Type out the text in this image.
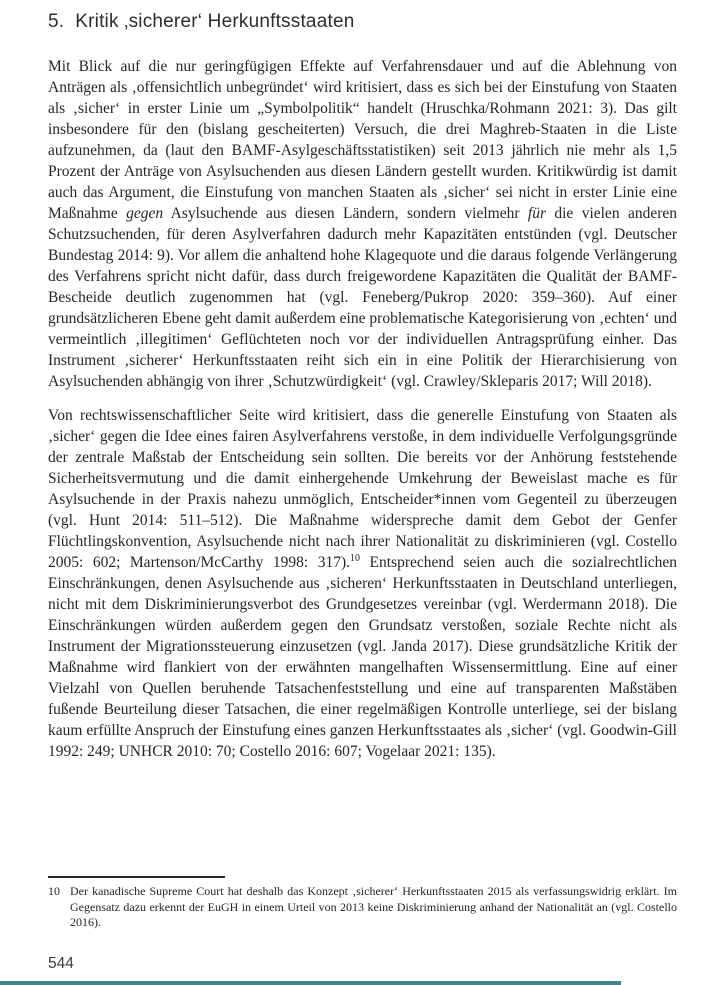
5. Kritik ‚sicherer‘ Herkunftsstaaten

Mit Blick auf die nur geringfügigen Effekte auf Verfahrensdauer und auf die Ablehnung von Anträgen als ‚offensichtlich unbegründet‘ wird kritisiert, dass es sich bei der Einstufung von Staaten als ‚sicher‘ in erster Linie um „Symbolpolitik“ handelt (Hruschka/Rohmann 2021: 3). Das gilt insbesondere für den (bislang gescheiterten) Versuch, die drei Maghreb-Staaten in die Liste aufzunehmen, da (laut den BAMF-Asylgeschäftsstatistiken) seit 2013 jährlich nie mehr als 1,5 Prozent der Anträge von Asylsuchenden aus diesen Ländern gestellt wurden. Kritikwürdig ist damit auch das Argument, die Einstufung von manchen Staaten als ‚sicher‘ sei nicht in erster Linie eine Maßnahme gegen Asylsuchende aus diesen Ländern, sondern vielmehr für die vielen anderen Schutzsuchenden, für deren Asylverfahren dadurch mehr Kapazitäten entstünden (vgl. Deutscher Bundestag 2014: 9). Vor allem die anhaltend hohe Klagequote und die daraus folgende Verlängerung des Verfahrens spricht nicht dafür, dass durch freigewordene Kapazitäten die Qualität der BAMF-Bescheide deutlich zugenommen hat (vgl. Feneberg/Pukrop 2020: 359–360). Auf einer grundsätzlicheren Ebene geht damit außerdem eine problematische Kategorisierung von ‚echten‘ und vermeintlich ‚illegitimen‘ Geflüchteten noch vor der individuellen Antragsprüfung einher. Das Instrument ‚sicherer‘ Herkunftsstaaten reiht sich ein in eine Politik der Hierarchisierung von Asylsuchenden abhängig von ihrer ‚Schutzwürdigkeit‘ (vgl. Crawley/Skleparis 2017; Will 2018).

Von rechtswissenschaftlicher Seite wird kritisiert, dass die generelle Einstufung von Staaten als ‚sicher‘ gegen die Idee eines fairen Asylverfahrens verstoße, in dem individuelle Verfolgungsgründe der zentrale Maßstab der Entscheidung sein sollten. Die bereits vor der Anhörung feststehende Sicherheitsvermutung und die damit einhergehende Umkehrung der Beweislast mache es für Asylsuchende in der Praxis nahezu unmöglich, Entscheider*innen vom Gegenteil zu überzeugen (vgl. Hunt 2014: 511–512). Die Maßnahme widerspreche damit dem Gebot der Genfer Flüchtlingskonvention, Asylsuchende nicht nach ihrer Nationalität zu diskriminieren (vgl. Costello 2005: 602; Martenson/McCarthy 1998: 317).$^{10}$ Entsprechend seien auch die sozialrechtlichen Einschränkungen, denen Asylsuchende aus ‚sicheren‘ Herkunftsstaaten in Deutschland unterliegen, nicht mit dem Diskriminierungsverbot des Grundgesetzes vereinbar (vgl. Werdermann 2018). Die Einschränkungen würden außerdem gegen den Grundsatz verstoßen, soziale Rechte nicht als Instrument der Migrationssteuerung einzusetzen (vgl. Janda 2017). Diese grundsätzliche Kritik der Maßnahme wird flankiert von der erwähnten mangelhaften Wissensermittlung. Eine auf einer Vielzahl von Quellen beruhende Tatsachenfeststellung und eine auf transparenten Maßstäben fußende Beurteilung dieser Tatsachen, die einer regelmäßigen Kontrolle unterliege, sei der bislang kaum erfüllte Anspruch der Einstufung eines ganzen Herkunftsstaates als ‚sicher‘ (vgl. Goodwin-Gill 1992: 249; UNHCR 2010: 70; Costello 2016: 607; Vogelaar 2021: 135).

10 Der kanadische Supreme Court hat deshalb das Konzept ‚sicherer‘ Herkunftsstaaten 2015 als verfassungswidrig erklärt. Im Gegensatz dazu erkennt der EuGH in einem Urteil von 2013 keine Diskriminierung anhand der Nationalität an (vgl. Costello 2016).
544
